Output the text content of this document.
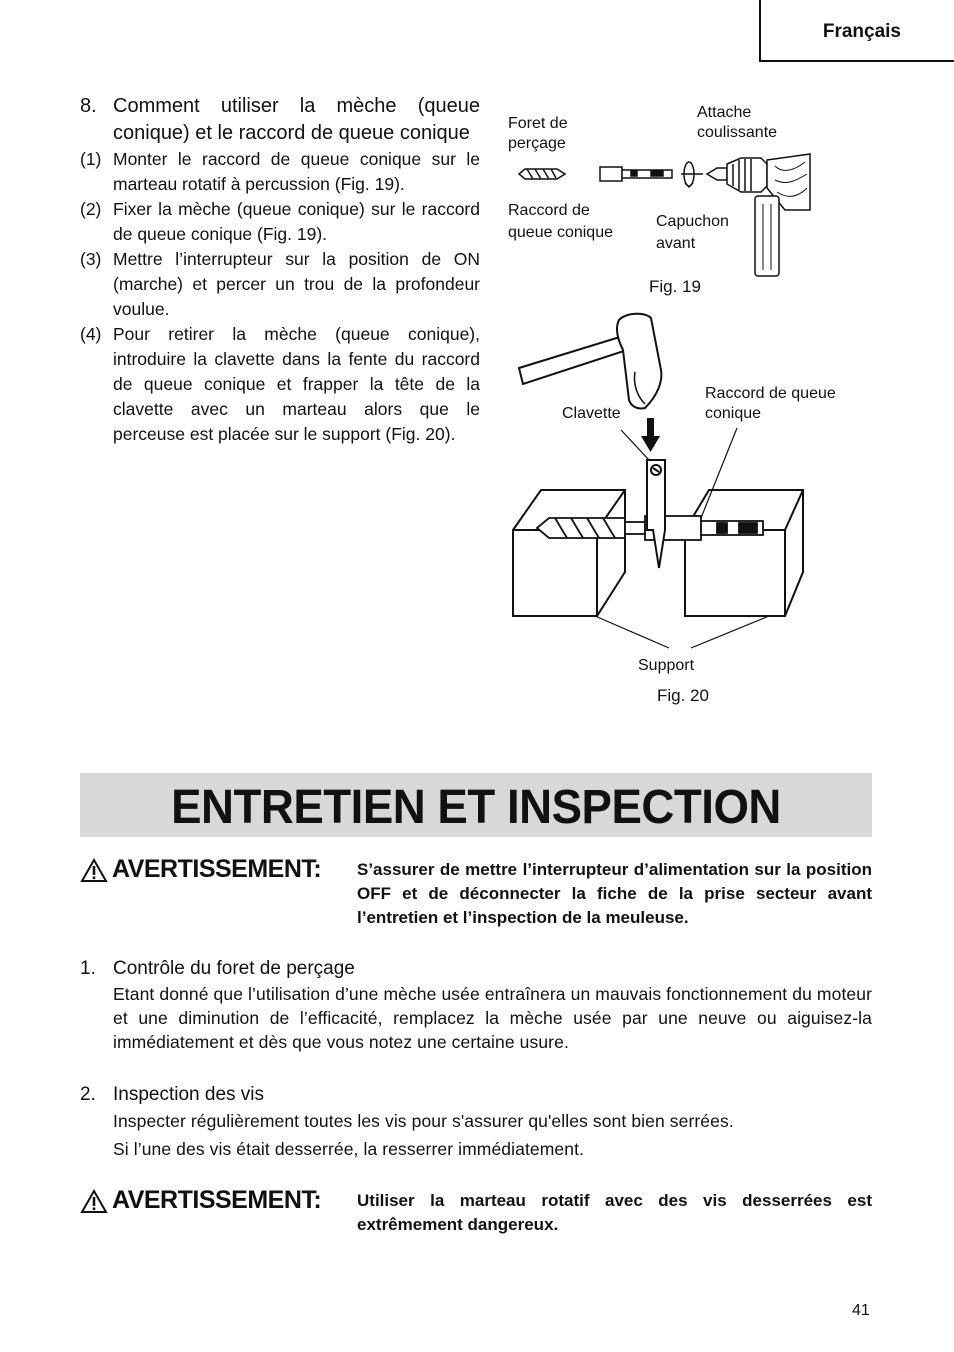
Français
8. Comment utiliser la mèche (queue conique) et le raccord de queue conique
(1) Monter le raccord de queue conique sur le marteau rotatif à percussion (Fig. 19).
(2) Fixer la mèche (queue conique) sur le raccord de queue conique (Fig. 19).
(3) Mettre l’interrupteur sur la position de ON (marche) et percer un trou de la profondeur voulue.
(4) Pour retirer la mèche (queue conique), introduire la clavette dans la fente du raccord de queue conique et frapper la tête de la clavette avec un marteau alors que le perceuse est placée sur le support (Fig. 20).
Foret de
perçage
Attache
coulissante
Raccord de
queue conique
Capuchon
avant
Fig. 19
Clavette
Raccord de queue
conique
Support
Fig. 20
ENTRETIEN ET INSPECTION
AVERTISSEMENT: S’assurer de mettre l’interrupteur d’alimentation sur la position OFF et de déconnecter la fiche de la prise secteur avant l’entretien et l’inspection de la meuleuse.
1. Contrôle du foret de perçage
Etant donné que l’utilisation d’une mèche usée entraînera un mauvais fonctionnement du moteur et une diminution de l’efficacité, remplacez la mèche usée par une neuve ou aiguisez-la immédiatement et dès que vous notez une certaine usure.
2. Inspection des vis
Inspecter régulièrement toutes les vis pour s'assurer qu'elles sont bien serrées.
Si l’une des vis était desserrée, la resserrer immédiatement.
AVERTISSEMENT: Utiliser la marteau rotatif avec des vis desserrées est extrêmement dangereux.
41
